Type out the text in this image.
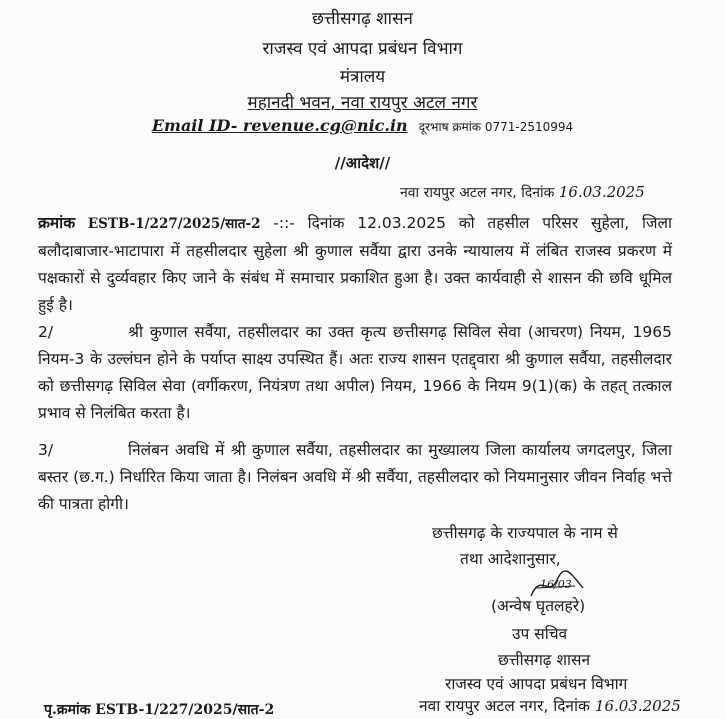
छत्तीसगढ़ शासन
राजस्व एवं आपदा प्रबंधन विभाग
मंत्रालय
महानदी भवन, नवा रायपुर अटल नगर
Email ID- revenue.cg@nic.in दूरभाष क्रमांक 0771-2510994
//आदेश//
नवा रायपुर अटल नगर, दिनांक 16.03.2025
क्रमांक ESTB-1/227/2025/सात-2 -::- दिनांक 12.03.2025 को तहसील परिसर सुहेला, जिला बलौदाबाजार-भाटापारा में तहसीलदार सुहेला श्री कुणाल सर्वैया द्वारा उनके न्यायालय में लंबित राजस्व प्रकरण में पक्षकारों से दुर्व्यवहार किए जाने के संबंध में समाचार प्रकाशित हुआ है। उक्त कार्यवाही से शासन की छवि धूमिल हुई है।
2/	श्री कुणाल सर्वैया, तहसीलदार का उक्त कृत्य छत्तीसगढ़ सिविल सेवा (आचरण) नियम, 1965 नियम-3 के उल्लंघन होने के पर्याप्त साक्ष्य उपस्थित हैं। अतः राज्य शासन एतद्द्वारा श्री कुणाल सर्वैया, तहसीलदार को छत्तीसगढ़ सिविल सेवा (वर्गीकरण, नियंत्रण तथा अपील) नियम, 1966 के नियम 9(1)(क) के तहत् तत्काल प्रभाव से निलंबित करता है।
3/	निलंबन अवधि में श्री कुणाल सर्वैया, तहसीलदार का मुख्यालय जिला कार्यालय जगदलपुर, जिला बस्तर (छ.ग.) निर्धारित किया जाता है। निलंबन अवधि में श्री सर्वैया, तहसीलदार को नियमानुसार जीवन निर्वाह भत्ते की पात्रता होगी।
छत्तीसगढ़ के राज्यपाल के नाम से
तथा आदेशानुसार,
16/03
(अन्वेष घृतलहरे)
उप सचिव
छत्तीसगढ़ शासन
राजस्व एवं आपदा प्रबंधन विभाग
नवा रायपुर अटल नगर, दिनांक 16.03.2025
पृ.क्रमांक ESTB-1/227/2025/सात-2
